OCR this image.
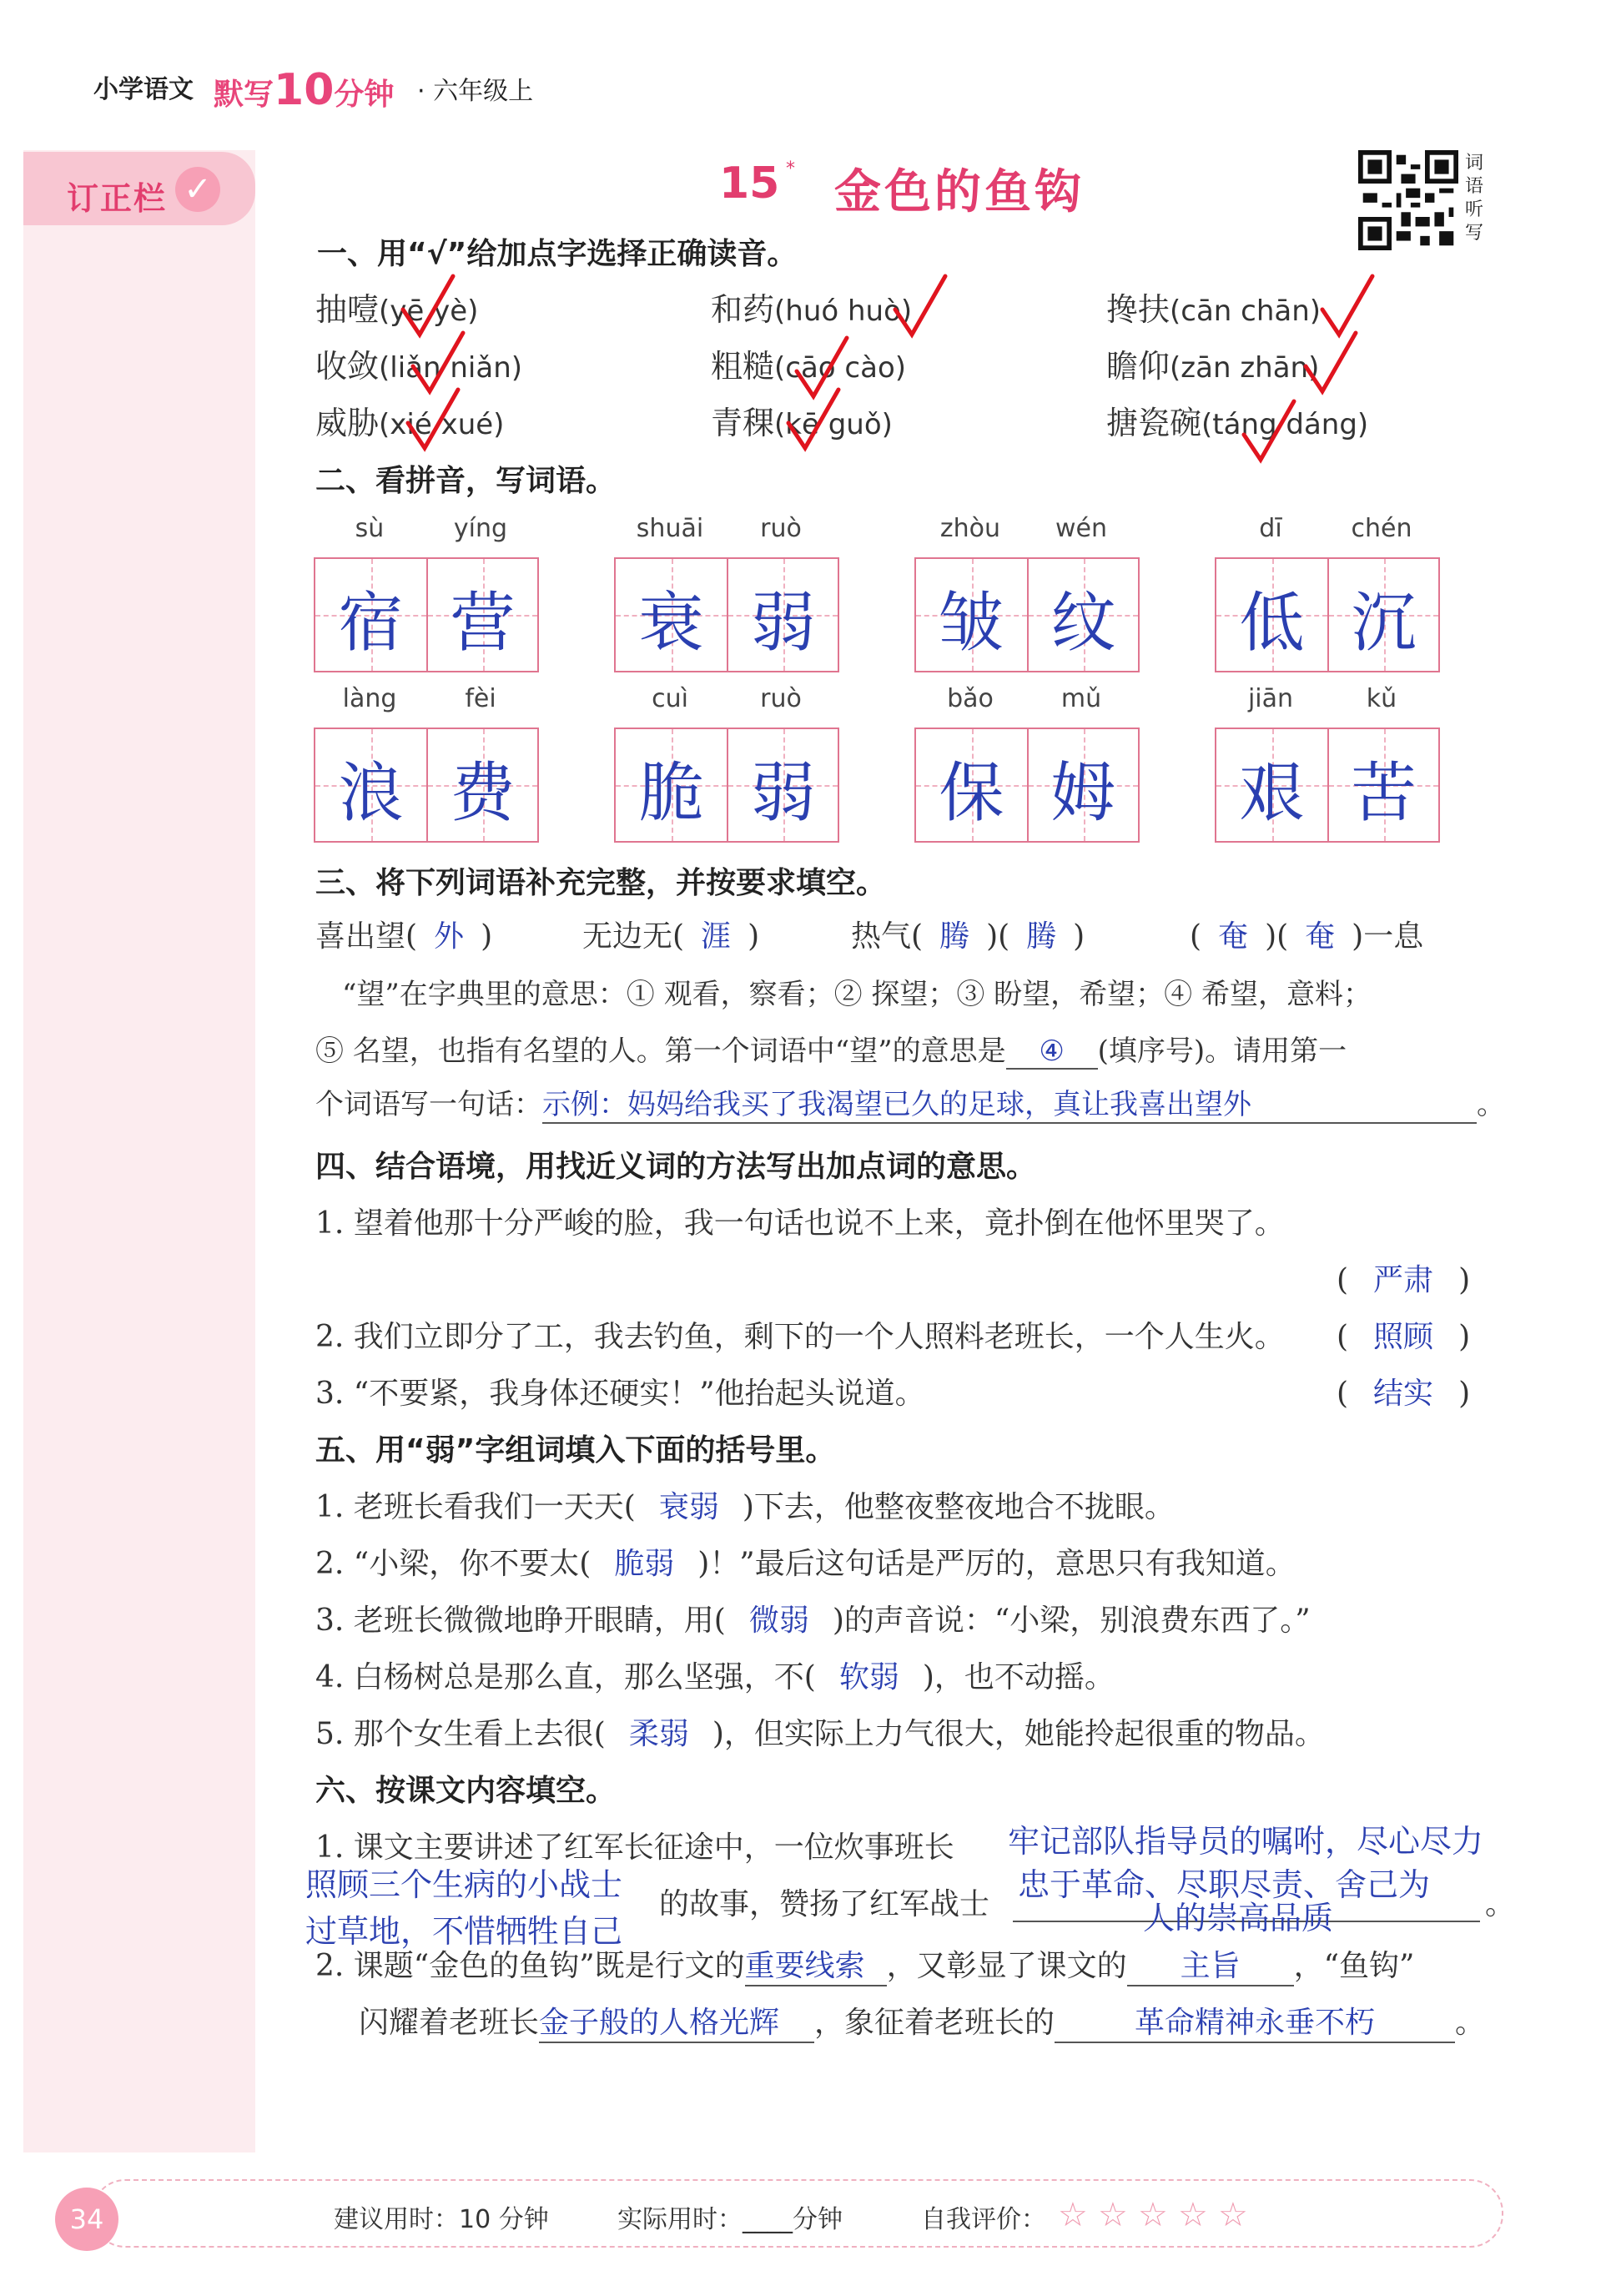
小学语文 默写10分钟 · 六年级上
订正栏 ✓	15 * 金色的鱼钩
词语听写
一、用“√”给加点字选择正确读音。
抽噎(yē yè)	和药(huó huò)	搀扶(cān chān)
收敛(liǎn niǎn)	粗糙(cāo cào)	瞻仰(zān zhān)
威胁(xié xué)	青稞(kē guǒ)	搪瓷碗(táng dáng)
二、看拼音，写词语。
sù	yíng	shuāi	ruò	zhòu	wén	dī	chén
宿 营	衰 弱	皱 纹	低 沉
làng	fèi	cuì	ruò	bǎo	mǔ	jiān	kǔ
浪 费	脆 弱	保 姆	艰 苦
三、将下列词语补充完整，并按要求填空。
喜出望( 外 )	无边无( 涯 )	热气( 腾 )( 腾 )	( 奄 )( 奄 )一息
“望”在字典里的意思：① 观看，察看；② 探望；③ 盼望，希望；④ 希望，意料；
⑤ 名望，也指有名望的人。第一个词语中“望”的意思是 ④ (填序号)。请用第一
个词语写一句话：示例：妈妈给我买了我渴望已久的足球，真让我喜出望外	。
四、结合语境，用找近义词的方法写出加点词的意思。
1. 望着他那十分严峻的脸，我一句话也说不上来，竟扑倒在他怀里哭了。
( 严肃 )
2. 我们立即分了工，我去钓鱼，剩下的一个人照料老班长，一个人生火。 ( 照顾 )
3. “不要紧，我身体还硬实！”他抬起头说道。	( 结实 )
五、用“弱”字组词填入下面的括号里。
1. 老班长看我们一天天( 衰弱 )下去，他整夜整夜地合不拢眼。
2. “小梁，你不要太( 脆弱 )！”最后这句话是严厉的，意思只有我知道。
3. 老班长微微地睁开眼睛，用( 微弱 )的声音说：“小梁，别浪费东西了。”
4. 白杨树总是那么直，那么坚强，不( 软弱 )，也不动摇。
5. 那个女生看上去很( 柔弱 )，但实际上力气很大，她能拎起很重的物品。
六、按课文内容填空。
1. 课文主要讲述了红军长征途中，一位炊事班长 牢记部队指导员的嘱咐，尽心尽力
照顾三个生病的小战士	忠于革命、尽职尽责、舍己为
过草地，不惜牺牲自己
的故事，赞扬了红军战士	人的崇高品质	。
2. 课题“金色的鱼钩”既是行文的重要线索 ，又彰显了课文的 主旨 ，“鱼钩”
闪耀着老班长金子般的人格光辉 ，象征着老班长的	革命精神永垂不朽	。
34	建议用时：10 分钟	实际用时：____分钟	自我评价： ☆ ☆ ☆ ☆ ☆
